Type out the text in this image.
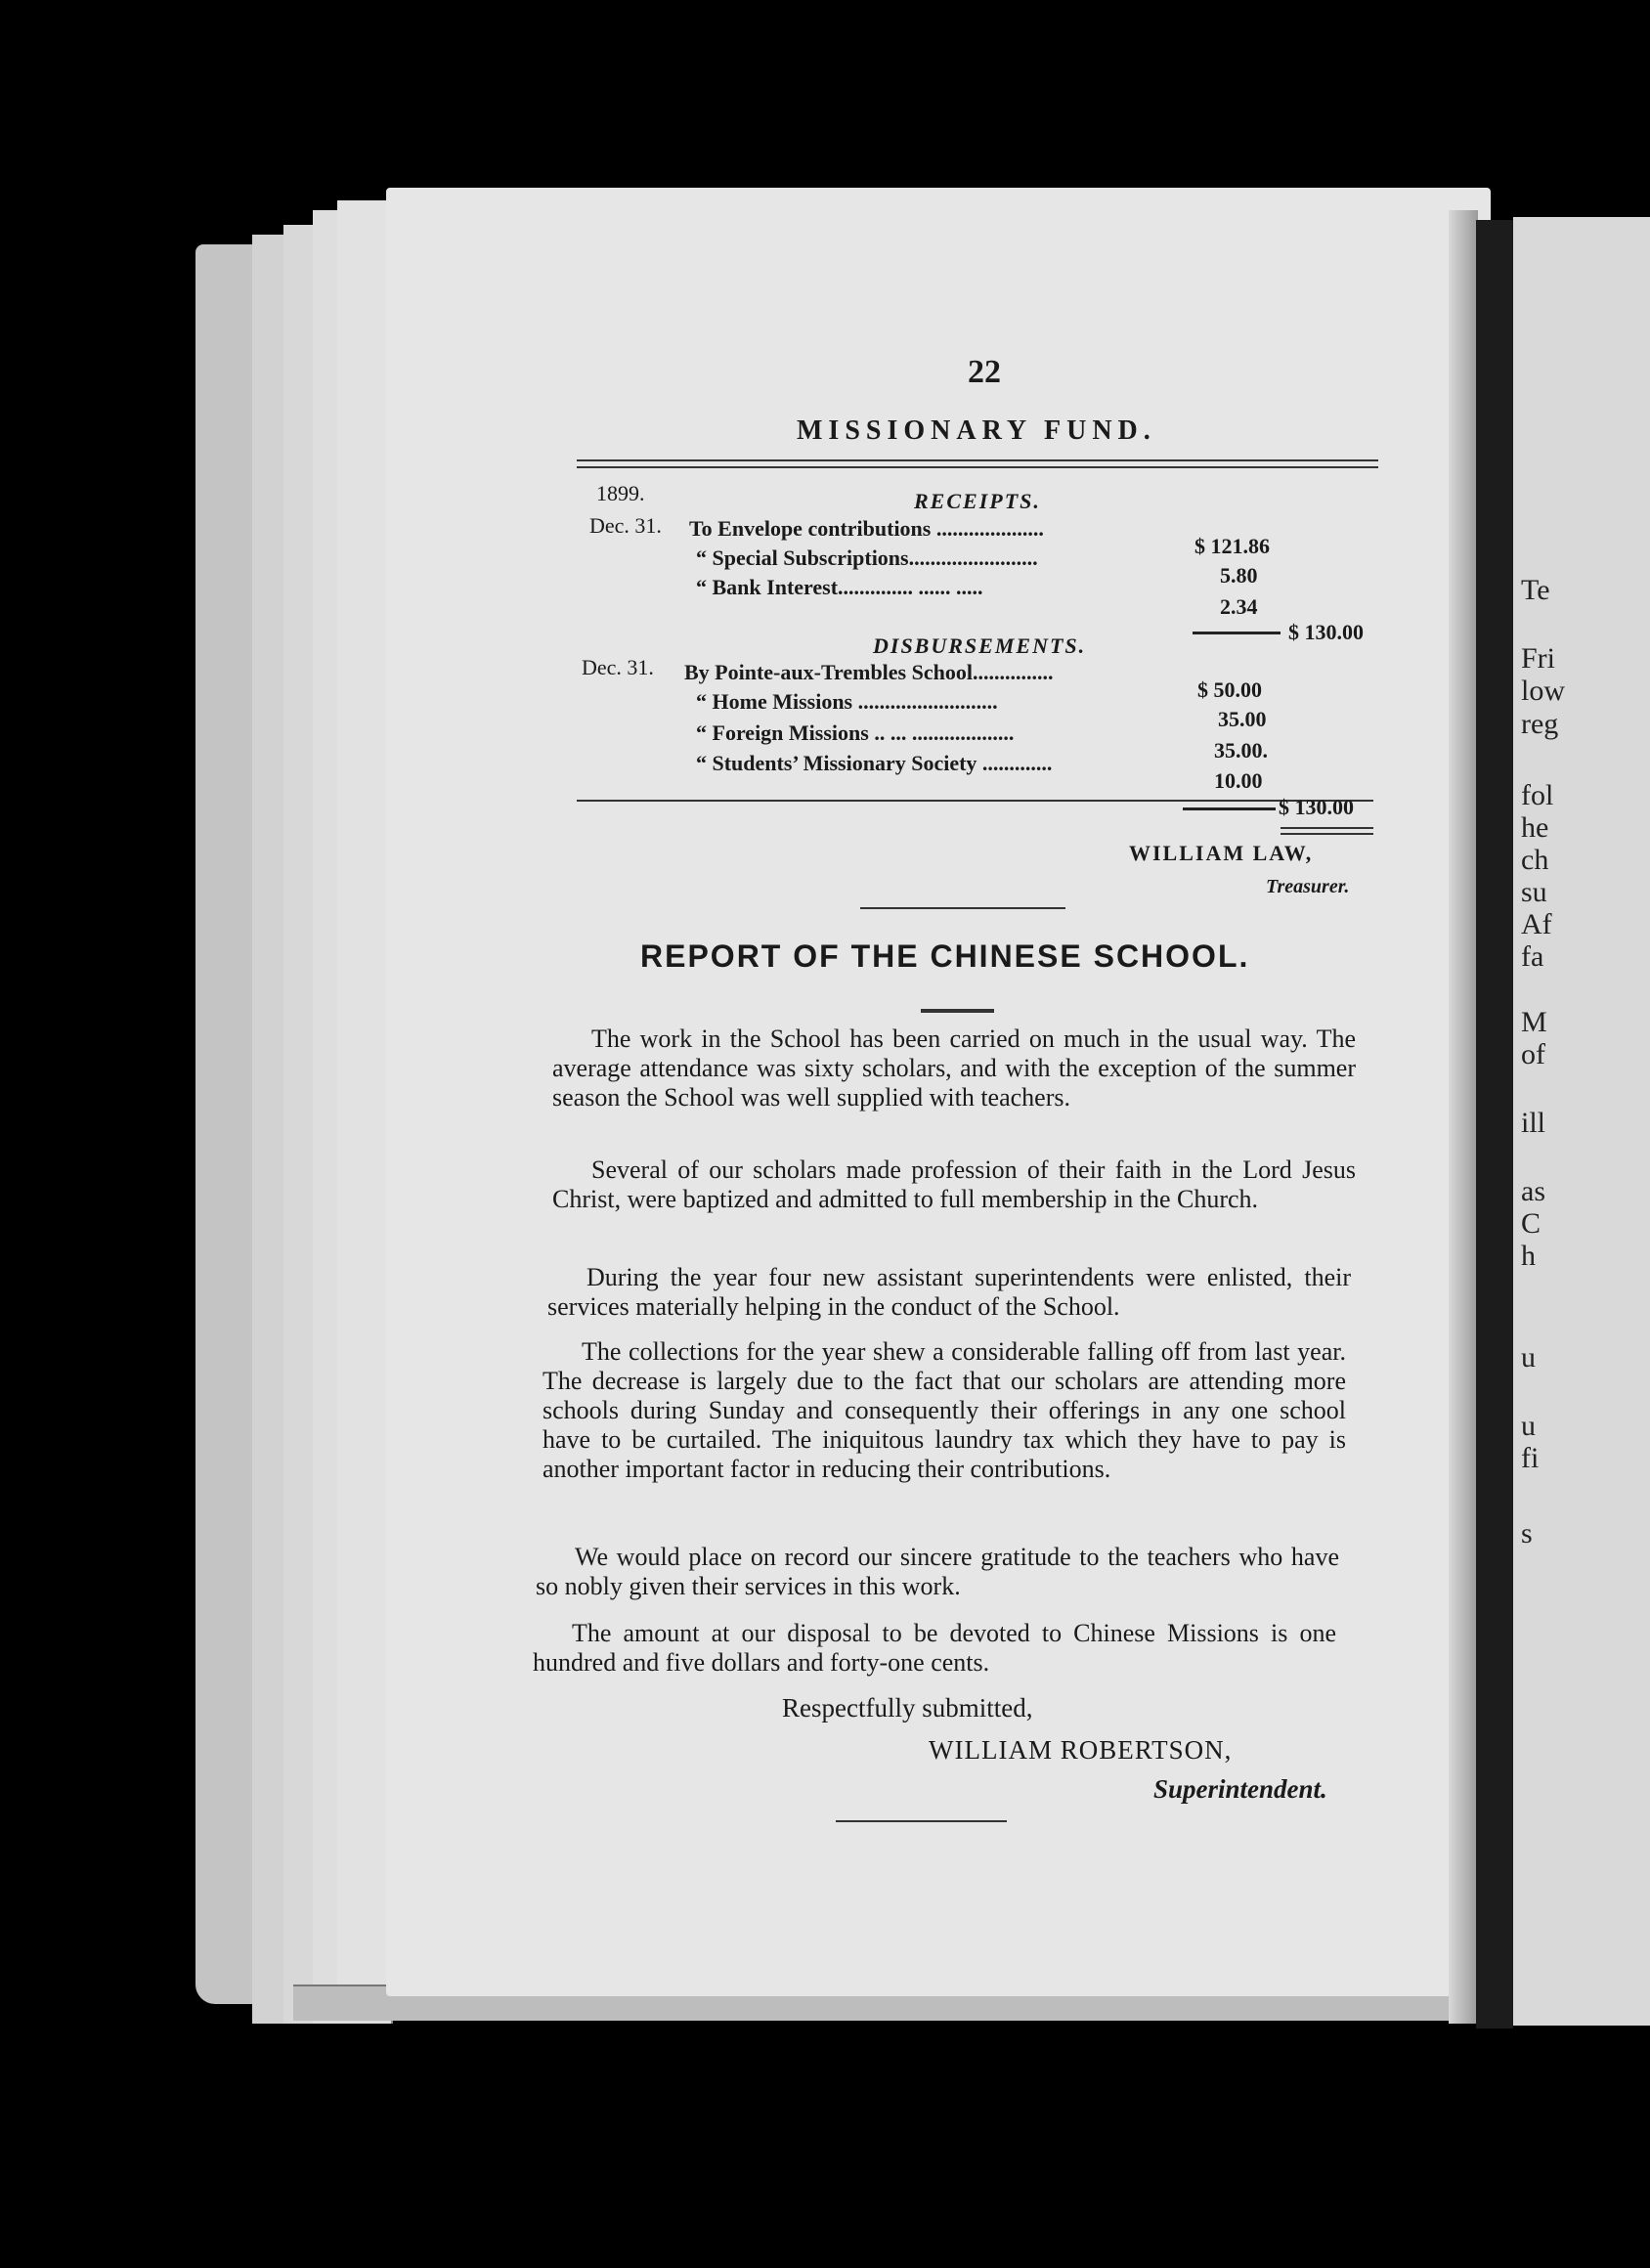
Te
Fri
low
reg
fol
he
ch
su
Af
fa
M
of
ill
as
C
h
u
u
fi
s
22
MISSIONARY FUND.
1899.	RECEIPTS.
Dec. 31. To Envelope contributions ....................
$ 121.86
“ Special Subscriptions........................
5.80
“ Bank Interest.............. ...... .....
2.34
$ 130.00
DISBURSEMENTS.
Dec. 31. By Pointe-aux-Trembles School...............
$ 50.00
“ Home Missions ..........................
35.00
“ Foreign Missions .. ... ...................
35.00.
“ Students’ Missionary Society .............
10.00
$ 130.00
WILLIAM LAW,
Treasurer.
REPORT OF THE CHINESE SCHOOL.
The work in the School has been carried on much in the usual way. The average attendance was sixty scholars, and with the exception of the summer season the School was well supplied with teachers.
Several of our scholars made profession of their faith in the Lord Jesus Christ, were baptized and admitted to full membership in the Church.
During the year four new assistant superintendents were enlisted, their services materially helping in the conduct of the School.
The collections for the year shew a considerable falling off from last year. The decrease is largely due to the fact that our scholars are attending more schools during Sunday and consequently their offerings in any one school have to be curtailed. The iniquitous laundry tax which they have to pay is another important factor in reducing their contributions.
We would place on record our sincere gratitude to the teachers who have so nobly given their services in this work.
The amount at our disposal to be devoted to Chinese Missions is one hundred and five dollars and forty-one cents.
Respectfully submitted,
WILLIAM ROBERTSON,
Superintendent.
